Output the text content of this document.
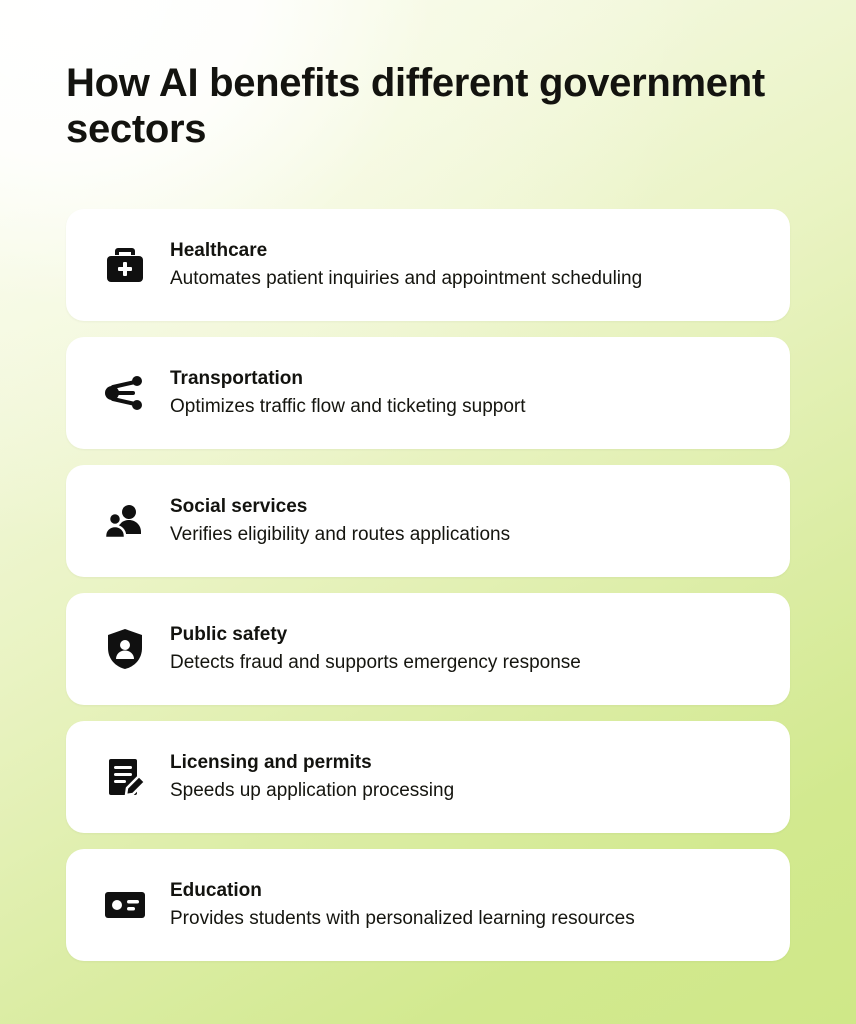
How AI benefits different government sectors
Healthcare
Automates patient inquiries and appointment scheduling
Transportation
Optimizes traffic flow and ticketing support
Social services
Verifies eligibility and routes applications
Public safety
Detects fraud and supports emergency response
Licensing and permits
Speeds up application processing
Education
Provides students with personalized learning resources
